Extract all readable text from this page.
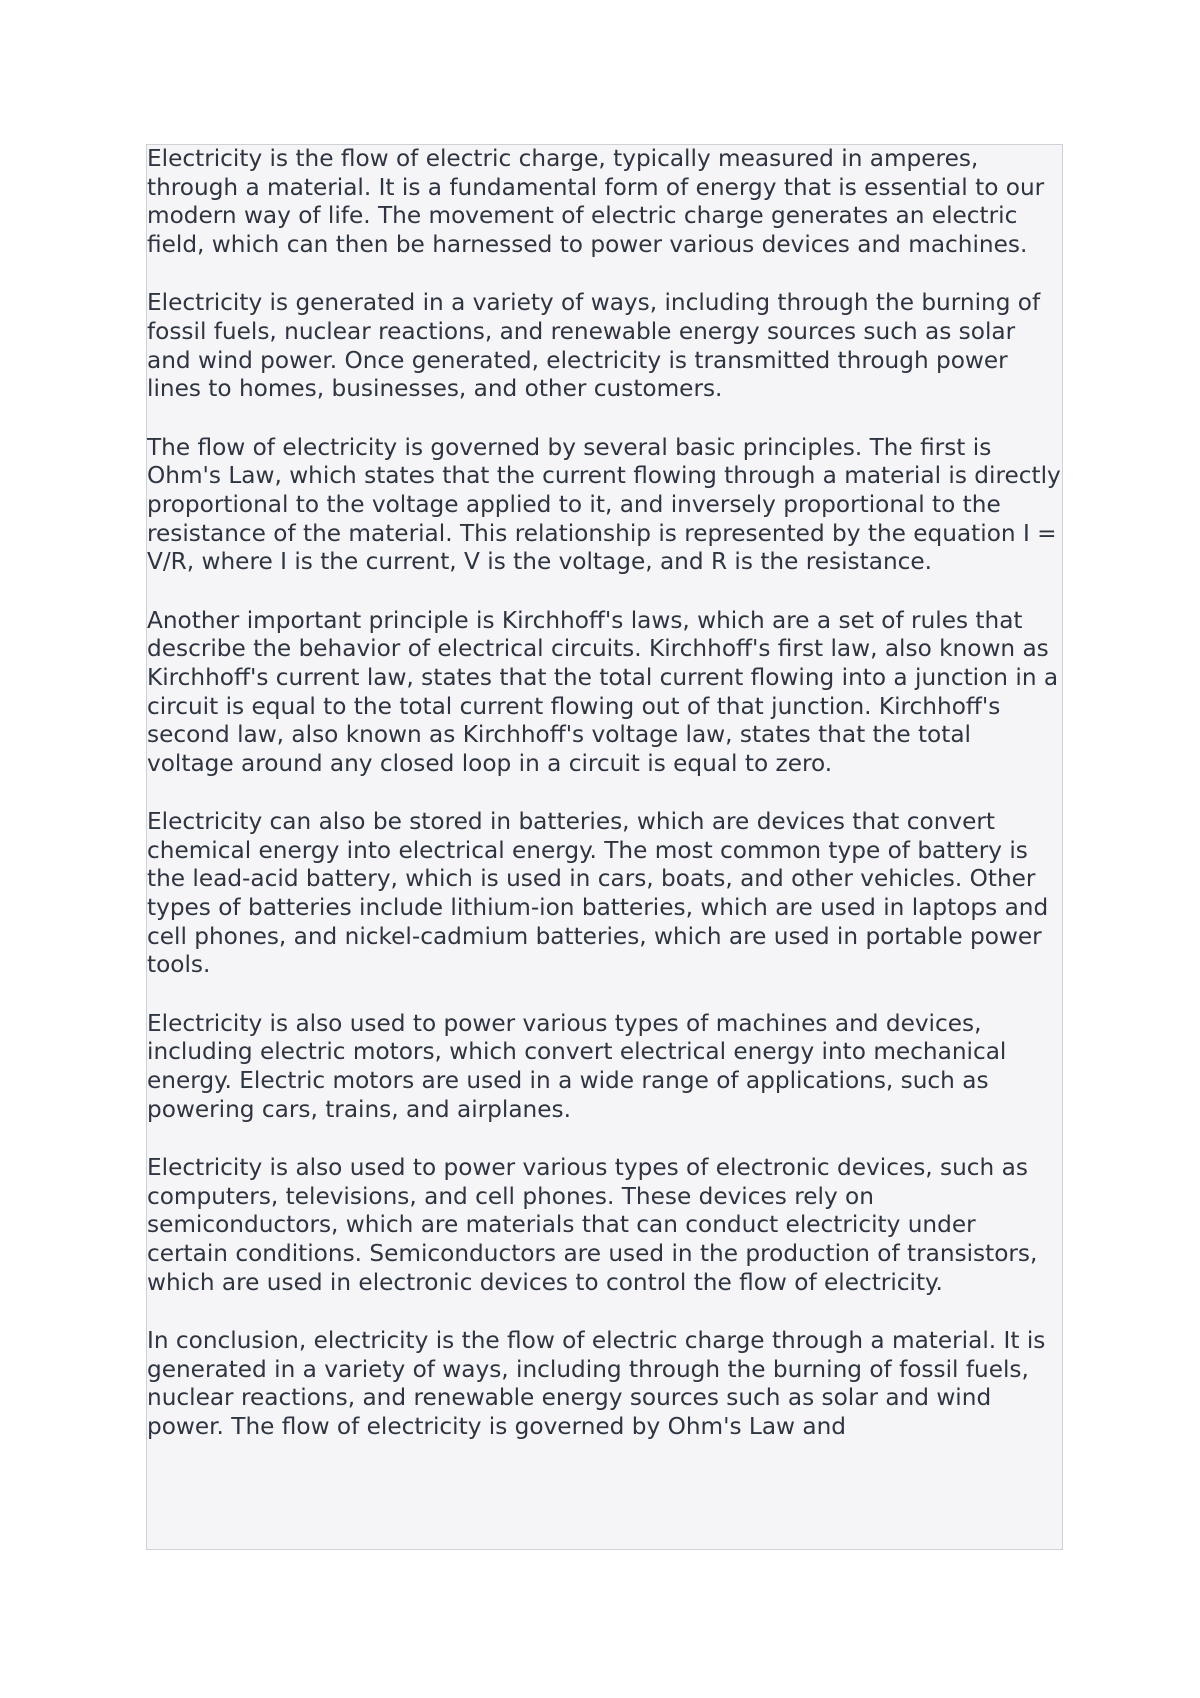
Electricity is the flow of electric charge, typically measured in amperes, through a material. It is a fundamental form of energy that is essential to our modern way of life. The movement of electric charge generates an electric field, which can then be harnessed to power various devices and machines.

Electricity is generated in a variety of ways, including through the burning of fossil fuels, nuclear reactions, and renewable energy sources such as solar and wind power. Once generated, electricity is transmitted through power lines to homes, businesses, and other customers.

The flow of electricity is governed by several basic principles. The first is Ohm's Law, which states that the current flowing through a material is directly proportional to the voltage applied to it, and inversely proportional to the resistance of the material. This relationship is represented by the equation I = V/R, where I is the current, V is the voltage, and R is the resistance.

Another important principle is Kirchhoff's laws, which are a set of rules that describe the behavior of electrical circuits. Kirchhoff's first law, also known as Kirchhoff's current law, states that the total current flowing into a junction in a circuit is equal to the total current flowing out of that junction. Kirchhoff's second law, also known as Kirchhoff's voltage law, states that the total voltage around any closed loop in a circuit is equal to zero.

Electricity can also be stored in batteries, which are devices that convert chemical energy into electrical energy. The most common type of battery is the lead-acid battery, which is used in cars, boats, and other vehicles. Other types of batteries include lithium-ion batteries, which are used in laptops and cell phones, and nickel-cadmium batteries, which are used in portable power tools.

Electricity is also used to power various types of machines and devices, including electric motors, which convert electrical energy into mechanical energy. Electric motors are used in a wide range of applications, such as powering cars, trains, and airplanes.

Electricity is also used to power various types of electronic devices, such as computers, televisions, and cell phones. These devices rely on semiconductors, which are materials that can conduct electricity under certain conditions. Semiconductors are used in the production of transistors, which are used in electronic devices to control the flow of electricity.

In conclusion, electricity is the flow of electric charge through a material. It is generated in a variety of ways, including through the burning of fossil fuels, nuclear reactions, and renewable energy sources such as solar and wind power. The flow of electricity is governed by Ohm's Law and
